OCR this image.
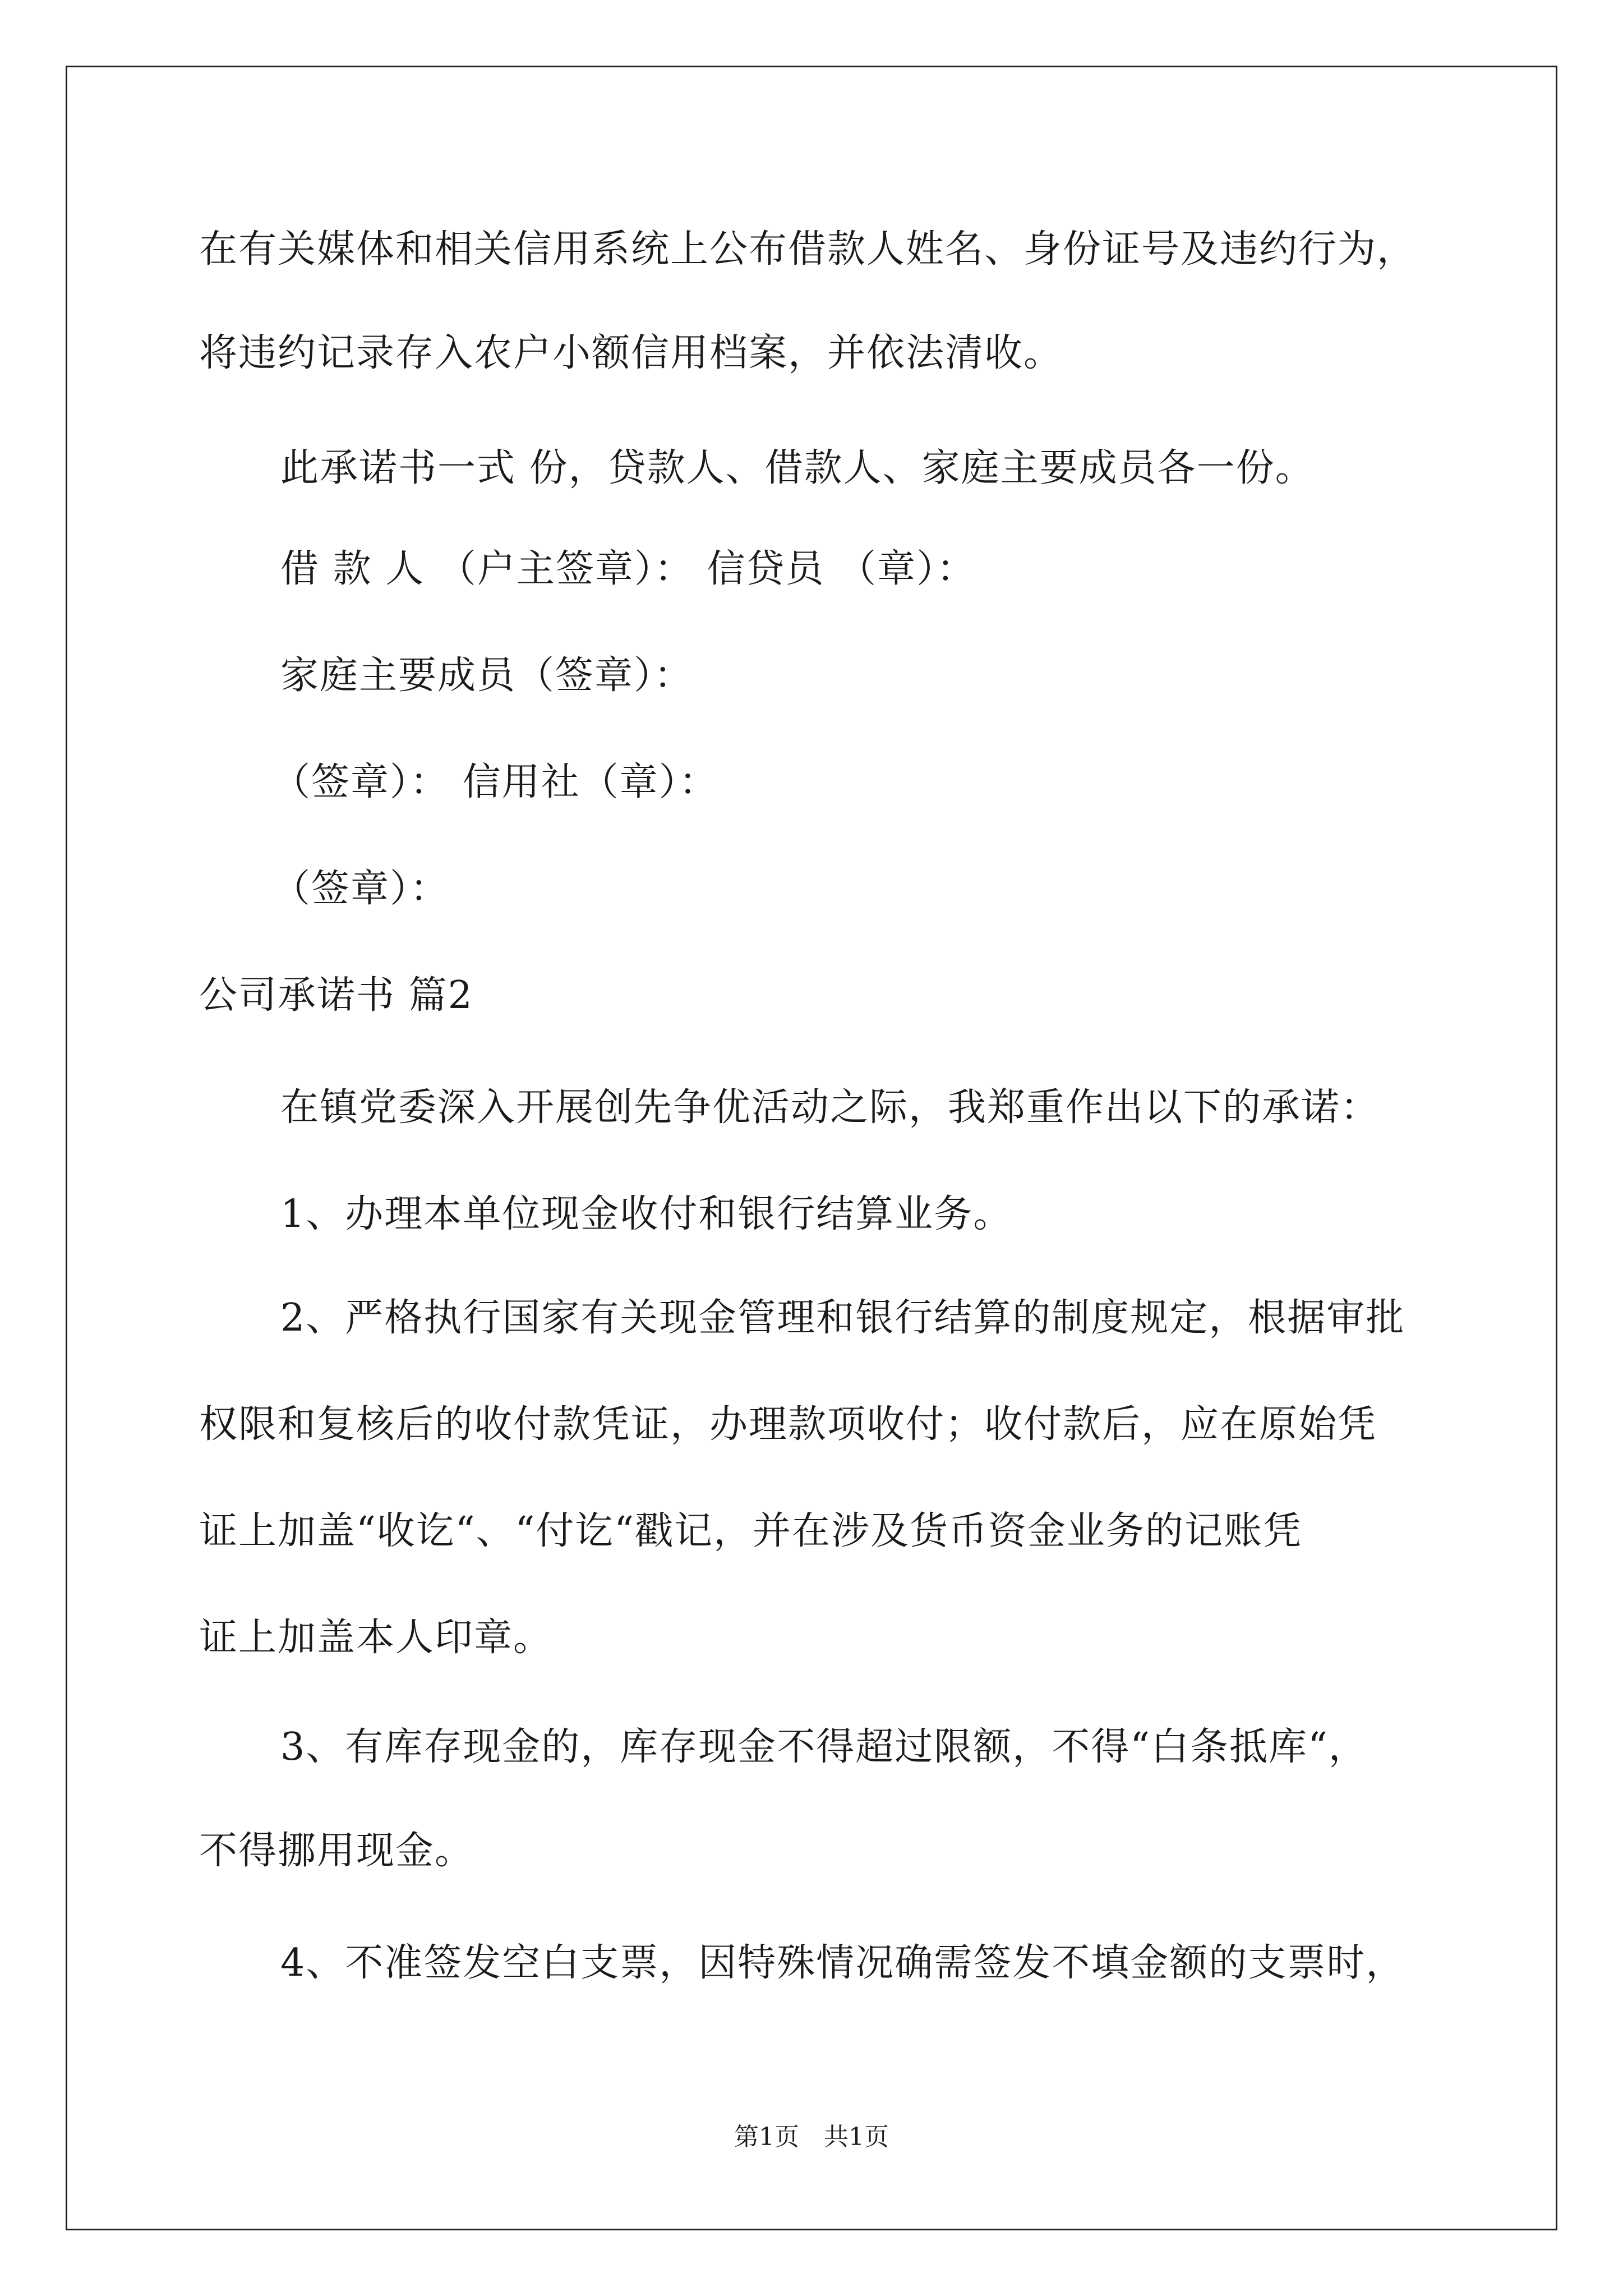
在有关媒体和相关信用系统上公布借款人姓名、身份证号及违约行为，
将违约记录存入农户小额信用档案，并依法清收。
此承诺书一式 份，贷款人、借款人、家庭主要成员各一份。
借 款 人 （户主签章）： 信贷员 （章）：
家庭主要成员（签章）：
（签章）： 信用社（章）：
（签章）：
公司承诺书 篇2
在镇党委深入开展创先争优活动之际，我郑重作出以下的承诺：
1、办理本单位现金收付和银行结算业务。
2、严格执行国家有关现金管理和银行结算的制度规定，根据审批
权限和复核后的收付款凭证，办理款项收付；收付款后，应在原始凭
证上加盖“收讫“、“付讫“戳记，并在涉及货币资金业务的记账凭
证上加盖本人印章。
3、有库存现金的，库存现金不得超过限额，不得“白条抵库“，
不得挪用现金。
4、不准签发空白支票，因特殊情况确需签发不填金额的支票时，
第1页　共1页
